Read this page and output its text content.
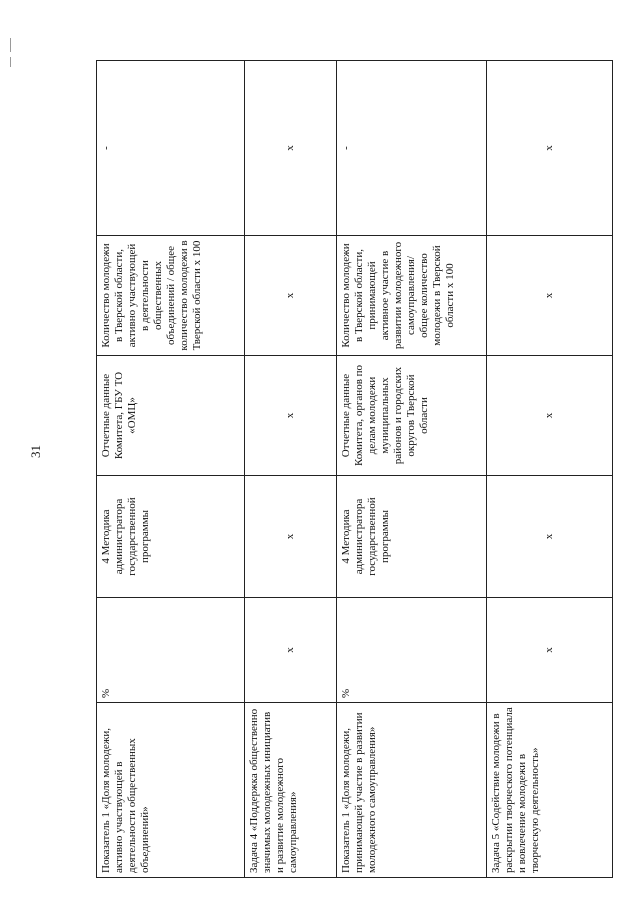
31
Показатель 1 «Доля молодежи, активно участвующей в деятельности общественных объединений»	%	4 Методика администратора государственной программы	Отчетные данные Комитета, ГБУ ТО «ОМЦ»	Количество молодежи в Тверской области, активно участвующей в деятельности общественных объединений / общее количество молодежи в Тверской области х 100	-
Задача 4 «Поддержка общественно значимых молодежных инициатив и развитие молодежного самоуправления»	х	х	х	х	х
Показатель 1 «Доля молодежи, принимающей участие в развитии молодежного самоуправления»	%	4 Методика администратора государственной программы	Отчетные данные Комитета, органов по делам молодежи муниципальных районов и городских округов Тверской области	Количество молодежи в Тверской области, принимающей активное участие в развитии молодежного самоуправления/ общее количество молодежи в Тверской области х 100	-
Задача 5 «Содействие молодежи в раскрытии творческого потенциала и вовлечение молодежи в творческую деятельность»	х	х	х	х	х
